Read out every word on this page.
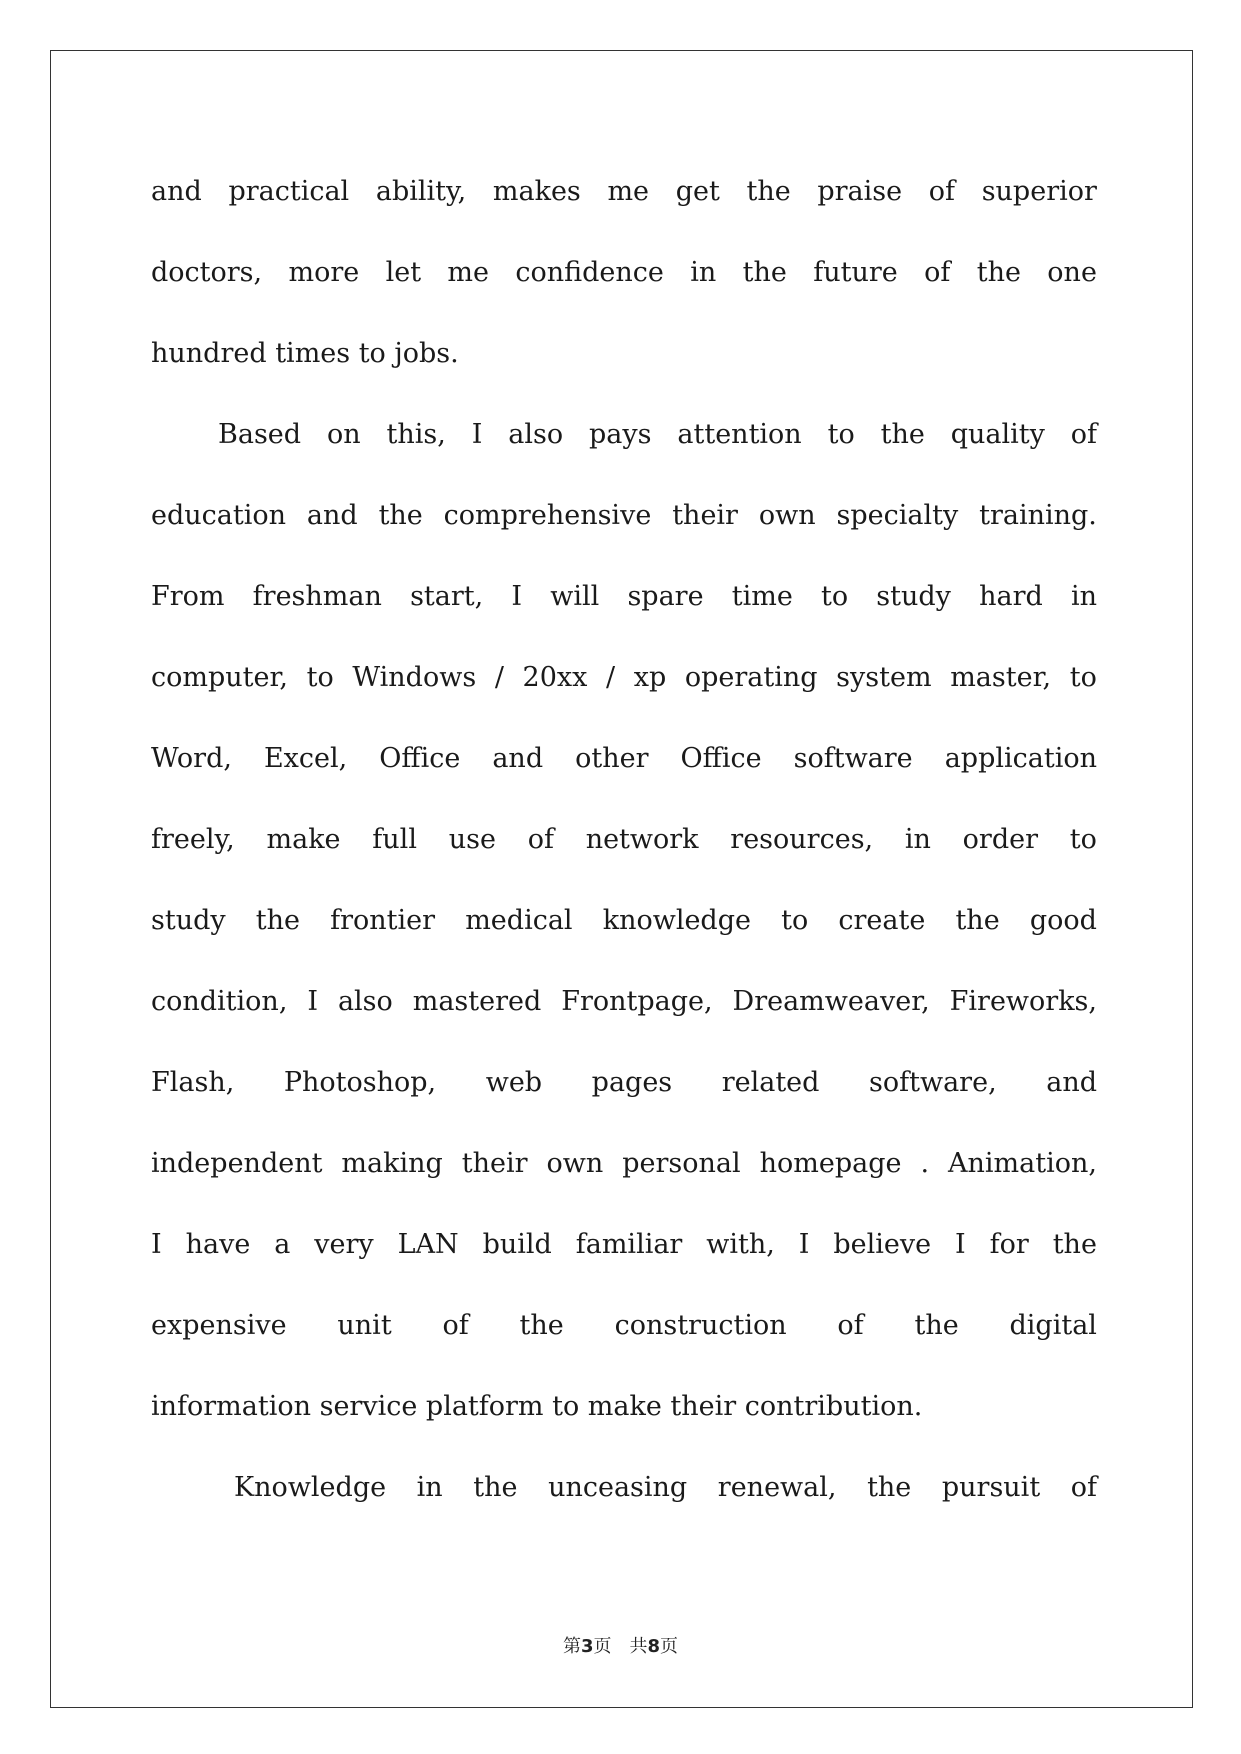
and practical ability, makes me get the praise of superior
doctors, more let me confidence in the future of the one
hundred times to jobs.
Based on this, I also pays attention to the quality of
education and the comprehensive their own specialty training.
From freshman start, I will spare time to study hard in
computer, to Windows / 20xx / xp operating system master, to
Word, Excel, Office and other Office software application
freely, make full use of network resources, in order to
study the frontier medical knowledge to create the good
condition, I also mastered Frontpage, Dreamweaver, Fireworks,
Flash, Photoshop, web pages related software, and
independent making their own personal homepage . Animation,
I have a very LAN build familiar with, I believe I for the
expensive unit of the construction of the digital
information service platform to make their contribution.
Knowledge in the unceasing renewal, the pursuit of
第3页　共8页
